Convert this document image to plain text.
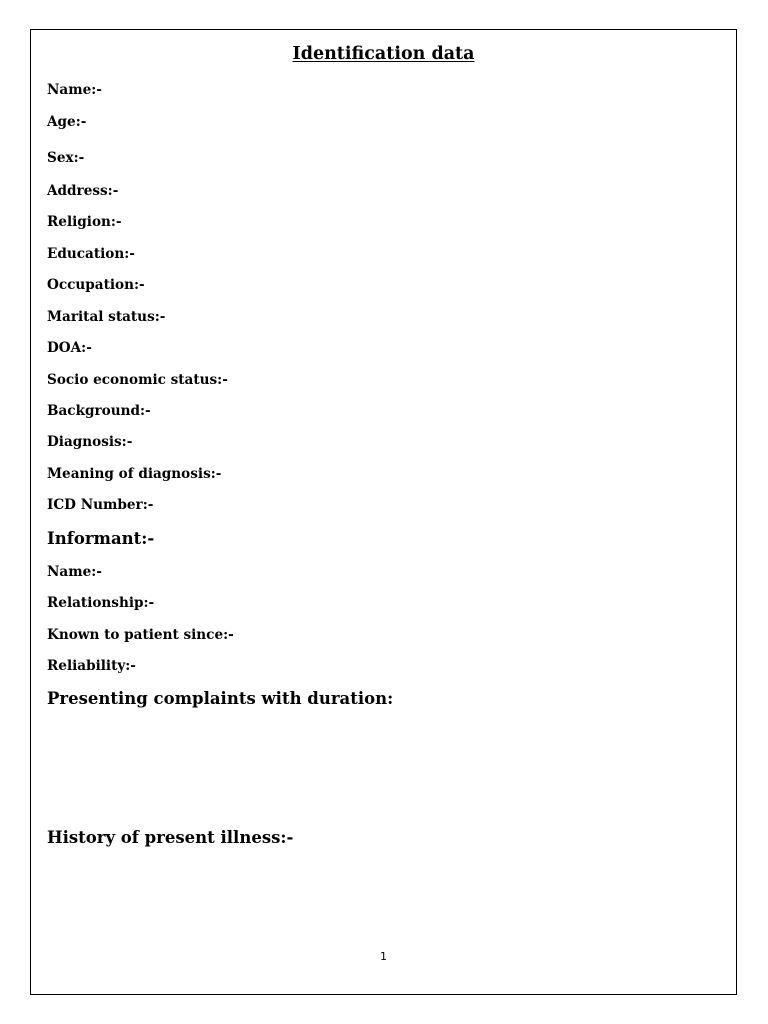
Identification data

Name:-

Age:-

Sex:-

Address:-

Religion:-

Education:-

Occupation:-

Marital status:-

DOA:-

Socio economic status:-

Background:-

Diagnosis:-

Meaning of diagnosis:-

ICD Number:-

Informant:-

Name:-

Relationship:-

Known to patient since:-

Reliability:-

Presenting complaints with duration:
History of present illness:-
1
